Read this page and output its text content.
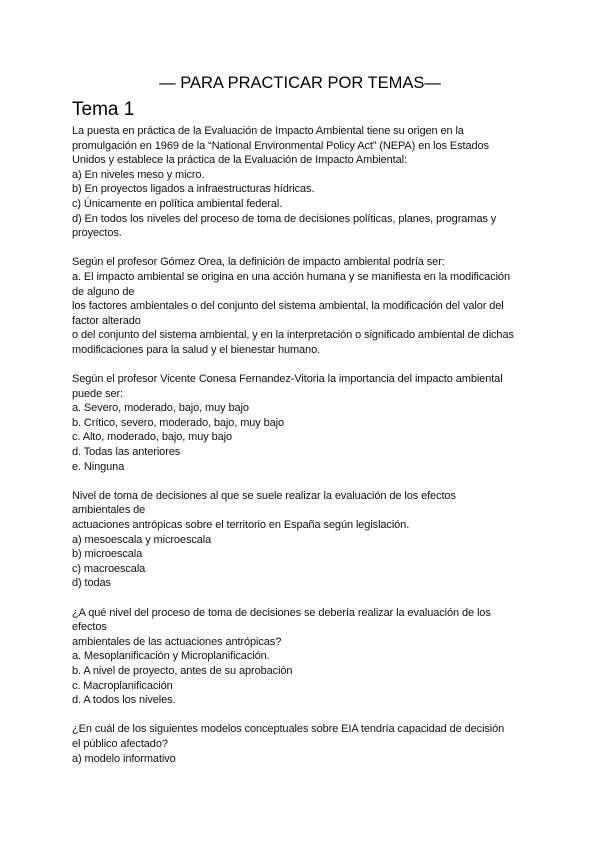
— PARA PRACTICAR POR TEMAS—
Tema 1
La puesta en práctica de la Evaluación de Impacto Ambiental tiene su origen en la
promulgación en 1969 de la “National Environmental Policy Act” (NEPA) en los Estados
Unidos y establece la práctica de la Evaluación de Impacto Ambiental:
a) En niveles meso y micro.
b) En proyectos ligados a infraestructuras hídricas.
c) Únicamente en política ambiental federal.
d) En todos los niveles del proceso de toma de decisiones políticas, planes, programas y
proyectos.
Según el profesor Gómez Orea, la definición de impacto ambiental podría ser:
a. El impacto ambiental se origina en una acción humana y se manifiesta en la modificación
de alguno de
los factores ambientales o del conjunto del sistema ambiental, la modificación del valor del
factor alterado
o del conjunto del sistema ambiental, y en la interpretación o significado ambiental de dichas
modificaciones para la salud y el bienestar humano.
Según el profesor Vicente Conesa Fernandez-Vitoria la importancia del impacto ambiental
puede ser:
a. Severo, moderado, bajo, muy bajo
b. Crítico, severo, moderado, bajo, muy bajo
c. Alto, moderado, bajo, muy bajo
d. Todas las anteriores
e. Ninguna
Nivel de toma de decisiones al que se suele realizar la evaluación de los efectos
ambientales de
actuaciones antrópicas sobre el territorio en España según legislación.
a) mesoescala y microescala
b) microescala
c) macroescala
d) todas
¿A qué nivel del proceso de toma de decisiones se debería realizar la evaluación de los
efectos
ambientales de las actuaciones antrópicas?
a. Mesoplanificación y Microplanificación.
b. A nivel de proyecto, antes de su aprobación
c. Macroplanificación
d. A todos los niveles.
¿En cuál de los siguientes modelos conceptuales sobre EIA tendría capacidad de decisión
el público afectado?
a) modelo informativo
